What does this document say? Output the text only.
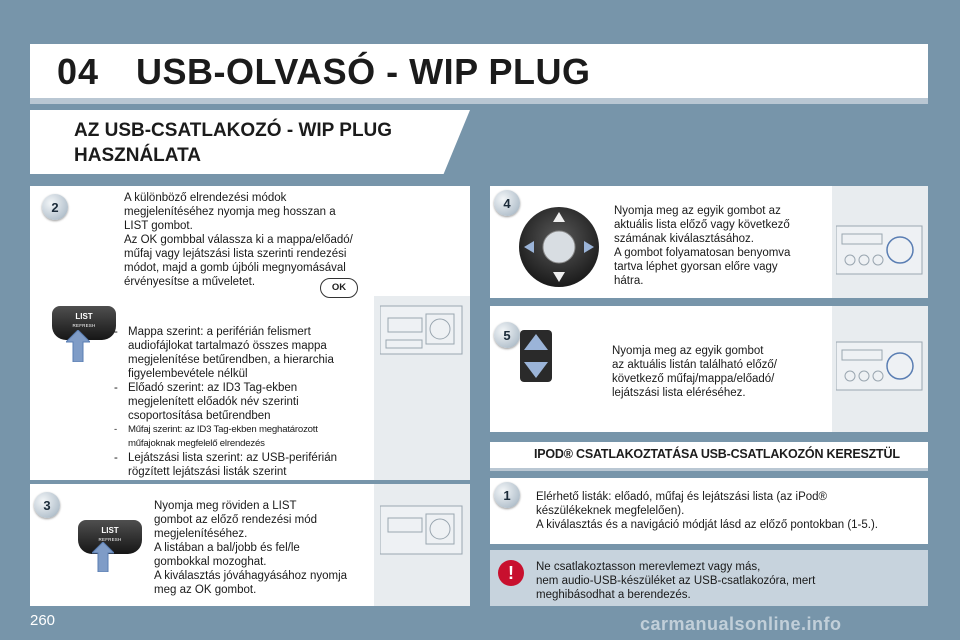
04	USB-OLVASÓ - WIP PLUG
AZ USB-CSATLAKOZÓ - WIP PLUG
HASZNÁLATA
2

A különböző elrendezési módok

megjelenítéséhez nyomja meg hosszan a

LIST gombot.

Az OK gombbal válassza ki a mappa/előadó/

műfaj vagy lejátszási lista szerinti rendezési

módot, majd a gomb újbóli megnyomásával

érvényesítse a műveletet.	OK
LIST
REFRESH
- Mappa szerint: a periférián felismert
audiofájlokat tartalmazó összes mappa
megjelenítése betűrendben, a hierarchia
figyelembevétele nélkül
- Előadó szerint: az ID3 Tag-ekben
megjelenített előadók név szerinti
csoportosítása betűrendben
- Műfaj szerint: az ID3 Tag-ekben meghatározott
műfajoknak megfelelő elrendezés
- Lejátszási lista szerint: az USB-periférián
rögzített lejátszási listák szerint
3
LIST
REFRESH

Nyomja meg röviden a LIST

gombot az előző rendezési mód

megjelenítéséhez.

A listában a bal/jobb és fel/le

gombokkal mozoghat.

A kiválasztás jóváhagyásához nyomja

meg az OK gombot.

4

Nyomja meg az egyik gombot az

aktuális lista előző vagy következő

számának kiválasztásához.

A gombot folyamatosan benyomva

tartva léphet gyorsan előre vagy

hátra.

5

Nyomja meg az egyik gombot

az aktuális listán található előző/

következő műfaj/mappa/előadó/

lejátszási lista eléréséhez.

IPOD® CSATLAKOZTATÁSA USB-CSATLAKOZÓN KERESZTÜL
1	Elérhető listák: előadó, műfaj és lejátszási lista (az iPod®

készülékeknek megfelelően).

A kiválasztás és a navigáció módját lásd az előző pontokban (1-5.).

!	Ne csatlakoztasson merevlemezt vagy más,

nem audio-USB-készüléket az USB-csatlakozóra, mert

meghibásodhat a berendezés.

260	carmanualsonline.info
